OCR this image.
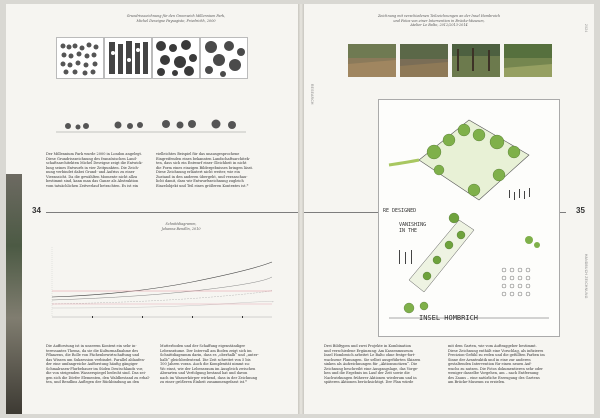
Grundrisszeichnung für den Greenwich Millennium Park,
Michel Desvigne Paysagiste, Friedrichh, 2000
Der Millennium Park wurde 2000 in London angelegt.
Diese Grundrisszeichnung des französischen Land-
schaftsarchitekten Michel Desvigne zeigt die Entwick-
lung seines Entwurfs in vier Zeitpunkten. Die Zeich-
nung verbindet dabei Grund- und Aufriss zu einer
Vieransicht. Da die gewählten Momente nicht allzu
bestimmt sind, kann man das Ganze als Abstraktion
vom tatsächlichen Zeitverlauf betrachten. Es ist ein
vielleichtes Beispiel für das unausgesprochene
Eingreifenden eines bekannten Landschaftsarchitek-
ten, dass sich ein Entwurf einer Gleichheit in nicht
die Form eines einzigen Bildergebnisses bringen lässt.
Diese Zeichnung erläutert nicht weiter, wie ein
Zustand in den anderen übergeht, und veranschau-
licht damit, dass wir Entwurfszeichnung zugleich
Einzelobjekt und Teil eines größeren Kontextes ist.*
34
Schnittdiagramm,
Johanna Bendlin, 2010
Die Aufforstung ist in unserem Kontext ein sehr in-
teressantes Thema, da sie die Kulturmaßnahme des
Pflanzens, die Rolle von Fächenbewirtschaftung und
das Wissen um Sukzession verbindet. Parallel ablaufen-
der eine umfangreiche Aufforstung häufig gängiger
Schmalrasen-Flurbebauer im Süden Deutschlands vor,
die von steigenden Wasserspiegel bedroht sind. Das zei-
gen sich die Dörfer Elementen, den Waldbestand zu erhal-
ten, und Bendlins Auflegen der Rückbindung an den
Mutterboden und der Schaffung eigenständiger
Lebensräume. Der Intervall am Boden zeigt sich im
Schnittdiagramm darin, dass es „oberhalb“ und „unter-
halb“ gleichbedeutend. Die Zeit schreitet von 5 bis
100 Jahren voran. Auch die Komplexität nimmt zu:
Wo einst, wie der Lebensraum im Ausgleich zwischen
Abwarten und Verfolgung bestand hat und davon
nach im Wasserkörper wirkend, dass in der Zeichnung
zu einer größeren Einheit zusammengefasst ist.*
Zeichnung mit verschiedenen Teilzeichnungen an der Insel Hombroich
und Fotos von einer Intervention in Brücke-Museum,
Atelier Le Balto, 2012/2013-2014
35
2024
HANDBUCH ZEICHNUNG
RESEARCH
RE DESIGNED
VANISHING
IN THE
INSEL HOMBRICH
Drei Bildtypen und zwei Projekte in Kombination
und verschiedene Ergänzung: Am Kassenmuseum
Insel Hombroich arbeitet Le Balto ohne festge-fort-
wachsene Planungen. Sie selbst ausgeführten Skizzen
sinken als Aufzeichnungen für „Aktionsnotizen“. Die
Zeichnung beschreibt eine Ausgangslage, das Vorge-
hen und die Ergebnis im Lauf der Zeit sowie die
Nachwirkungen früherer Aktionen wiederum und in
späteren Aktionen berücksichtigt. Der Plan würde
mit dem Garten, wie vom Auftraggeber bestimmt.
Diese Zeichnung enthält eine Vorschlag, als infizieres
Precizion-Gefühl zu reden und die gefüllten Farben im
Sinne der Avantraktik und in eine zur anderen
gestaltenden Intervention für einen neuen Auf-
wuchs zu nutzen. Die Fotos dokumentieren sehr oder
weniger dasselbe Vorgehen, am – nach Entfernung
des Zauns – eine natürliche Erzeugung des Gartens
am Brücke-Museum zu erzielen.
